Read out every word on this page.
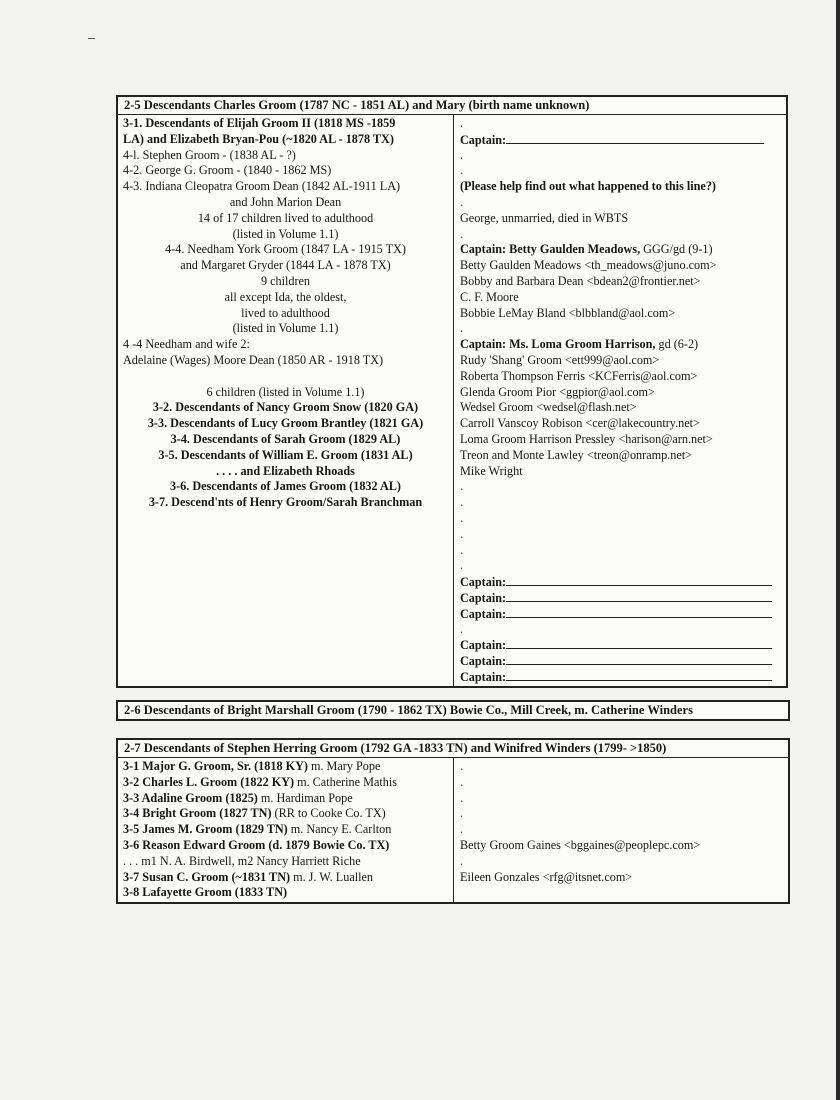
2-5 Descendants Charles Groom (1787 NC - 1851 AL) and Mary (birth name unknown)
3-1. Descendants of Elijah Groom II (1818 MS -1859
LA) and Elizabeth Bryan-Pou (~1820 AL - 1878 TX)
4-l. Stephen Groom - (1838 AL - ?)
4-2. George G. Groom - (1840 - 1862 MS)
4-3. Indiana Cleopatra Groom Dean (1842 AL-1911 LA)
and John Marion Dean
14 of 17 children lived to adulthood
(listed in Volume 1.1)
4-4. Needham York Groom (1847 LA - 1915 TX)
and Margaret Gryder (1844 LA - 1878 TX)
9 children
all except Ida, the oldest,
lived to adulthood
(listed in Volume 1.1)
4 -4 Needham and wife 2:
Adelaine (Wages) Moore Dean (1850 AR - 1918 TX)

6 children (listed in Volume 1.1)
3-2. Descendants of Nancy Groom Snow (1820 GA)
3-3. Descendants of Lucy Groom Brantley (1821 GA)
3-4. Descendants of Sarah Groom (1829 AL)
3-5. Descendants of William E. Groom (1831 AL)
. . . . and Elizabeth Rhoads
3-6. Descendants of James Groom (1832 AL)
3-7. Descend'nts of Henry Groom/Sarah Branchman
.
Captain:
.
.
(Please help find out what happened to this line?)
.
George, unmarried, died in WBTS
.
Captain: Betty Gaulden Meadows, GGG/gd (9-1)
Betty Gaulden Meadows <th_meadows@juno.com>
Bobby and Barbara Dean <bdean2@frontier.net>
C. F. Moore
Bobbie LeMay Bland <blbbland@aol.com>
.
Captain: Ms. Loma Groom Harrison, gd (6-2)
Rudy 'Shang' Groom <ett999@aol.com>
Roberta Thompson Ferris <KCFerris@aol.com>
Glenda Groom Pior <ggpior@aol.com>
Wedsel Groom <wedsel@flash.net>
Carroll Vanscoy Robison <cer@lakecountry.net>
Loma Groom Harrison Pressley <harison@arn.net>
Treon and Monte Lawley <treon@onramp.net>
Mike Wright
.
.
.
.
.
.
Captain:
Captain:
Captain:
.
Captain:
Captain:
Captain:
2-6 Descendants of Bright Marshall Groom (1790 - 1862 TX) Bowie Co., Mill Creek, m. Catherine Winders
2-7 Descendants of Stephen Herring Groom (1792 GA -1833 TN) and Winifred Winders (1799- >1850)
3-1 Major G. Groom, Sr. (1818 KY) m. Mary Pope
3-2 Charles L. Groom (1822 KY) m. Catherine Mathis
3-3 Adaline Groom (1825) m. Hardiman Pope
3-4 Bright Groom (1827 TN) (RR to Cooke Co. TX)
3-5 James M. Groom (1829 TN) m. Nancy E. Carlton
3-6 Reason Edward Groom (d. 1879 Bowie Co. TX)
. . . m1 N. A. Birdwell, m2 Nancy Harriett Riche
3-7 Susan C. Groom (~1831 TN) m. J. W. Luallen
3-8 Lafayette Groom (1833 TN)
.
.
.
.
.
Betty Groom Gaines <bggaines@peoplepc.com>
.
Eileen Gonzales <rfg@itsnet.com>
